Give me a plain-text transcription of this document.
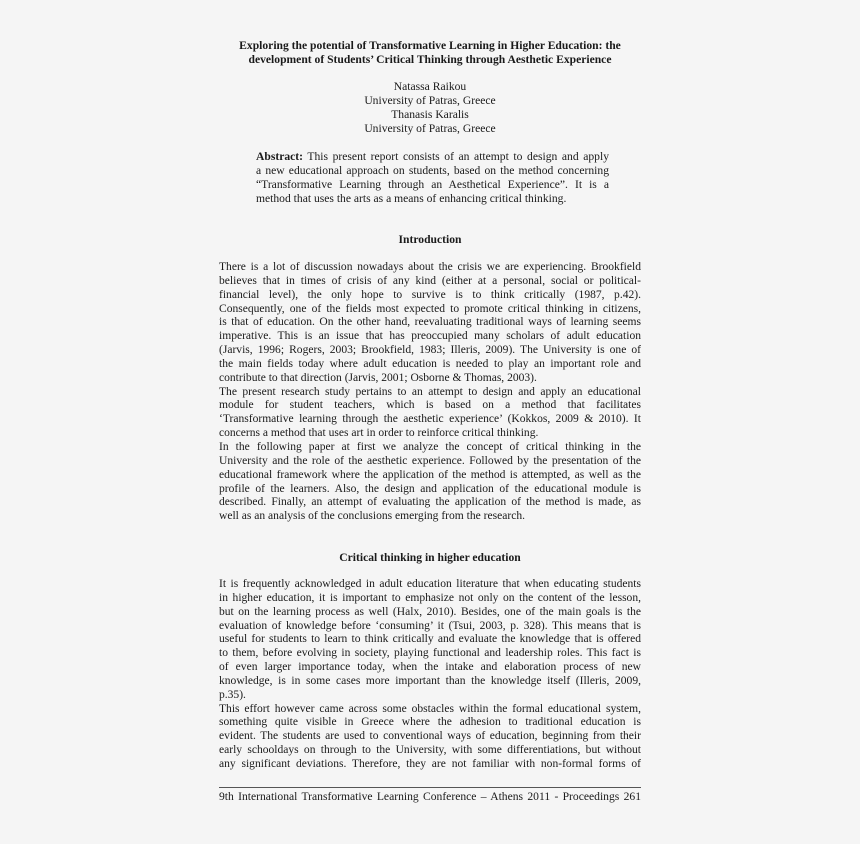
Exploring the potential of Transformative Learning in Higher Education: the
development of Students’ Critical Thinking through Aesthetic Experience
Natassa Raikou
University of Patras, Greece
Thanasis Karalis
University of Patras, Greece
Abstract: This present report consists of an attempt to design and apply
a new educational approach on students, based on the method concerning
“Transformative Learning through an Aesthetical Experience”. It is a
method that uses the arts as a means of enhancing critical thinking.
Introduction
There is a lot of discussion nowadays about the crisis we are experiencing. Brookfield
believes that in times of crisis of any kind (either at a personal, social or political-
financial level), the only hope to survive is to think critically (1987, p.42).
Consequently, one of the fields most expected to promote critical thinking in citizens,
is that of education. On the other hand, reevaluating traditional ways of learning seems
imperative. This is an issue that has preoccupied many scholars of adult education
(Jarvis, 1996; Rogers, 2003; Brookfield, 1983; Illeris, 2009). The University is one of
the main fields today where adult education is needed to play an important role and
contribute to that direction (Jarvis, 2001; Osborne & Thomas, 2003).
The present research study pertains to an attempt to design and apply an educational
module for student teachers, which is based on a method that facilitates
‘Transformative learning through the aesthetic experience’ (Kokkos, 2009 & 2010). It
concerns a method that uses art in order to reinforce critical thinking.
In the following paper at first we analyze the concept of critical thinking in the
University and the role of the aesthetic experience. Followed by the presentation of the
educational framework where the application of the method is attempted, as well as the
profile of the learners. Also, the design and application of the educational module is
described. Finally, an attempt of evaluating the application of the method is made, as
well as an analysis of the conclusions emerging from the research.
Critical thinking in higher education
It is frequently acknowledged in adult education literature that when educating students
in higher education, it is important to emphasize not only on the content of the lesson,
but on the learning process as well (Halx, 2010). Besides, one of the main goals is the
evaluation of knowledge before ‘consuming’ it (Tsui, 2003, p. 328). This means that is
useful for students to learn to think critically and evaluate the knowledge that is offered
to them, before evolving in society, playing functional and leadership roles. This fact is
of even larger importance today, when the intake and elaboration process of new
knowledge, is in some cases more important than the knowledge itself (Illeris, 2009,
p.35).
This effort however came across some obstacles within the formal educational system,
something quite visible in Greece where the adhesion to traditional education is
evident. The students are used to conventional ways of education, beginning from their
early schooldays on through to the University, with some differentiations, but without
any significant deviations. Therefore, they are not familiar with non-formal forms of
9th International Transformative Learning Conference – Athens 2011 - Proceedings 261
